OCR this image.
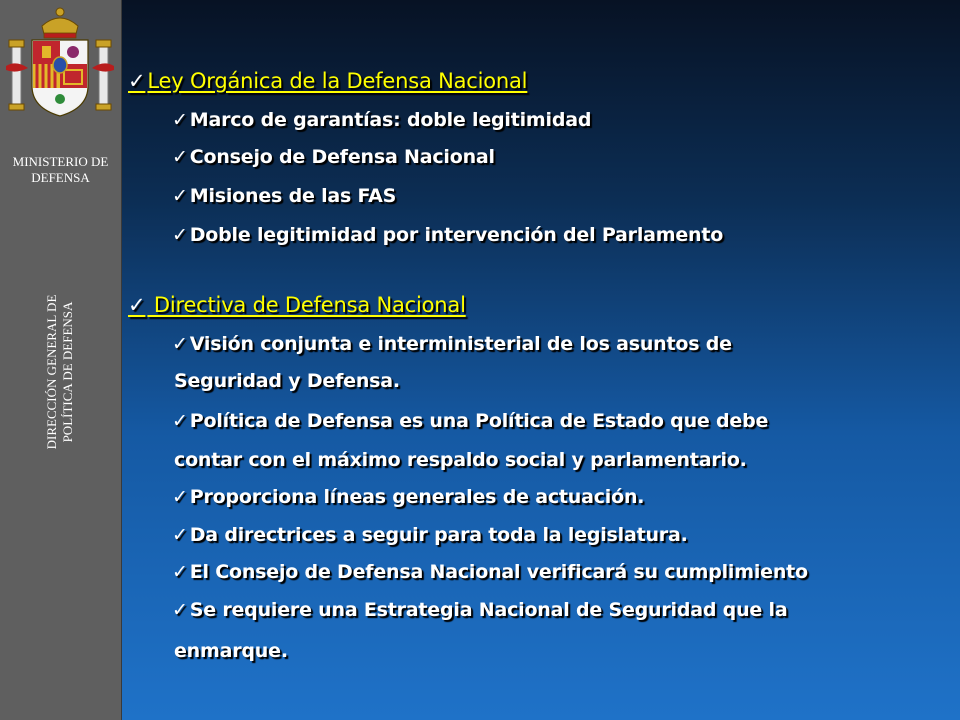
MINISTERIO DE DEFENSA
DIRECCIÓN GENERAL DE POLÍTICA DE DEFENSA
✓Ley Orgánica de la Defensa Nacional
✓ Marco de garantías: doble legitimidad
✓ Consejo de Defensa Nacional
✓ Misiones de las FAS
✓ Doble legitimidad por intervención del Parlamento
✓ Directiva de Defensa Nacional
✓ Visión conjunta e interministerial de los asuntos de
Seguridad y Defensa.
✓ Política de Defensa es una Política de Estado que debe
contar con el máximo respaldo social y parlamentario.
✓ Proporciona líneas generales de actuación.
✓ Da directrices a seguir para toda la legislatura.
✓ El Consejo de Defensa Nacional verificará su cumplimiento
✓ Se requiere una Estrategia Nacional de Seguridad que la
enmarque.
